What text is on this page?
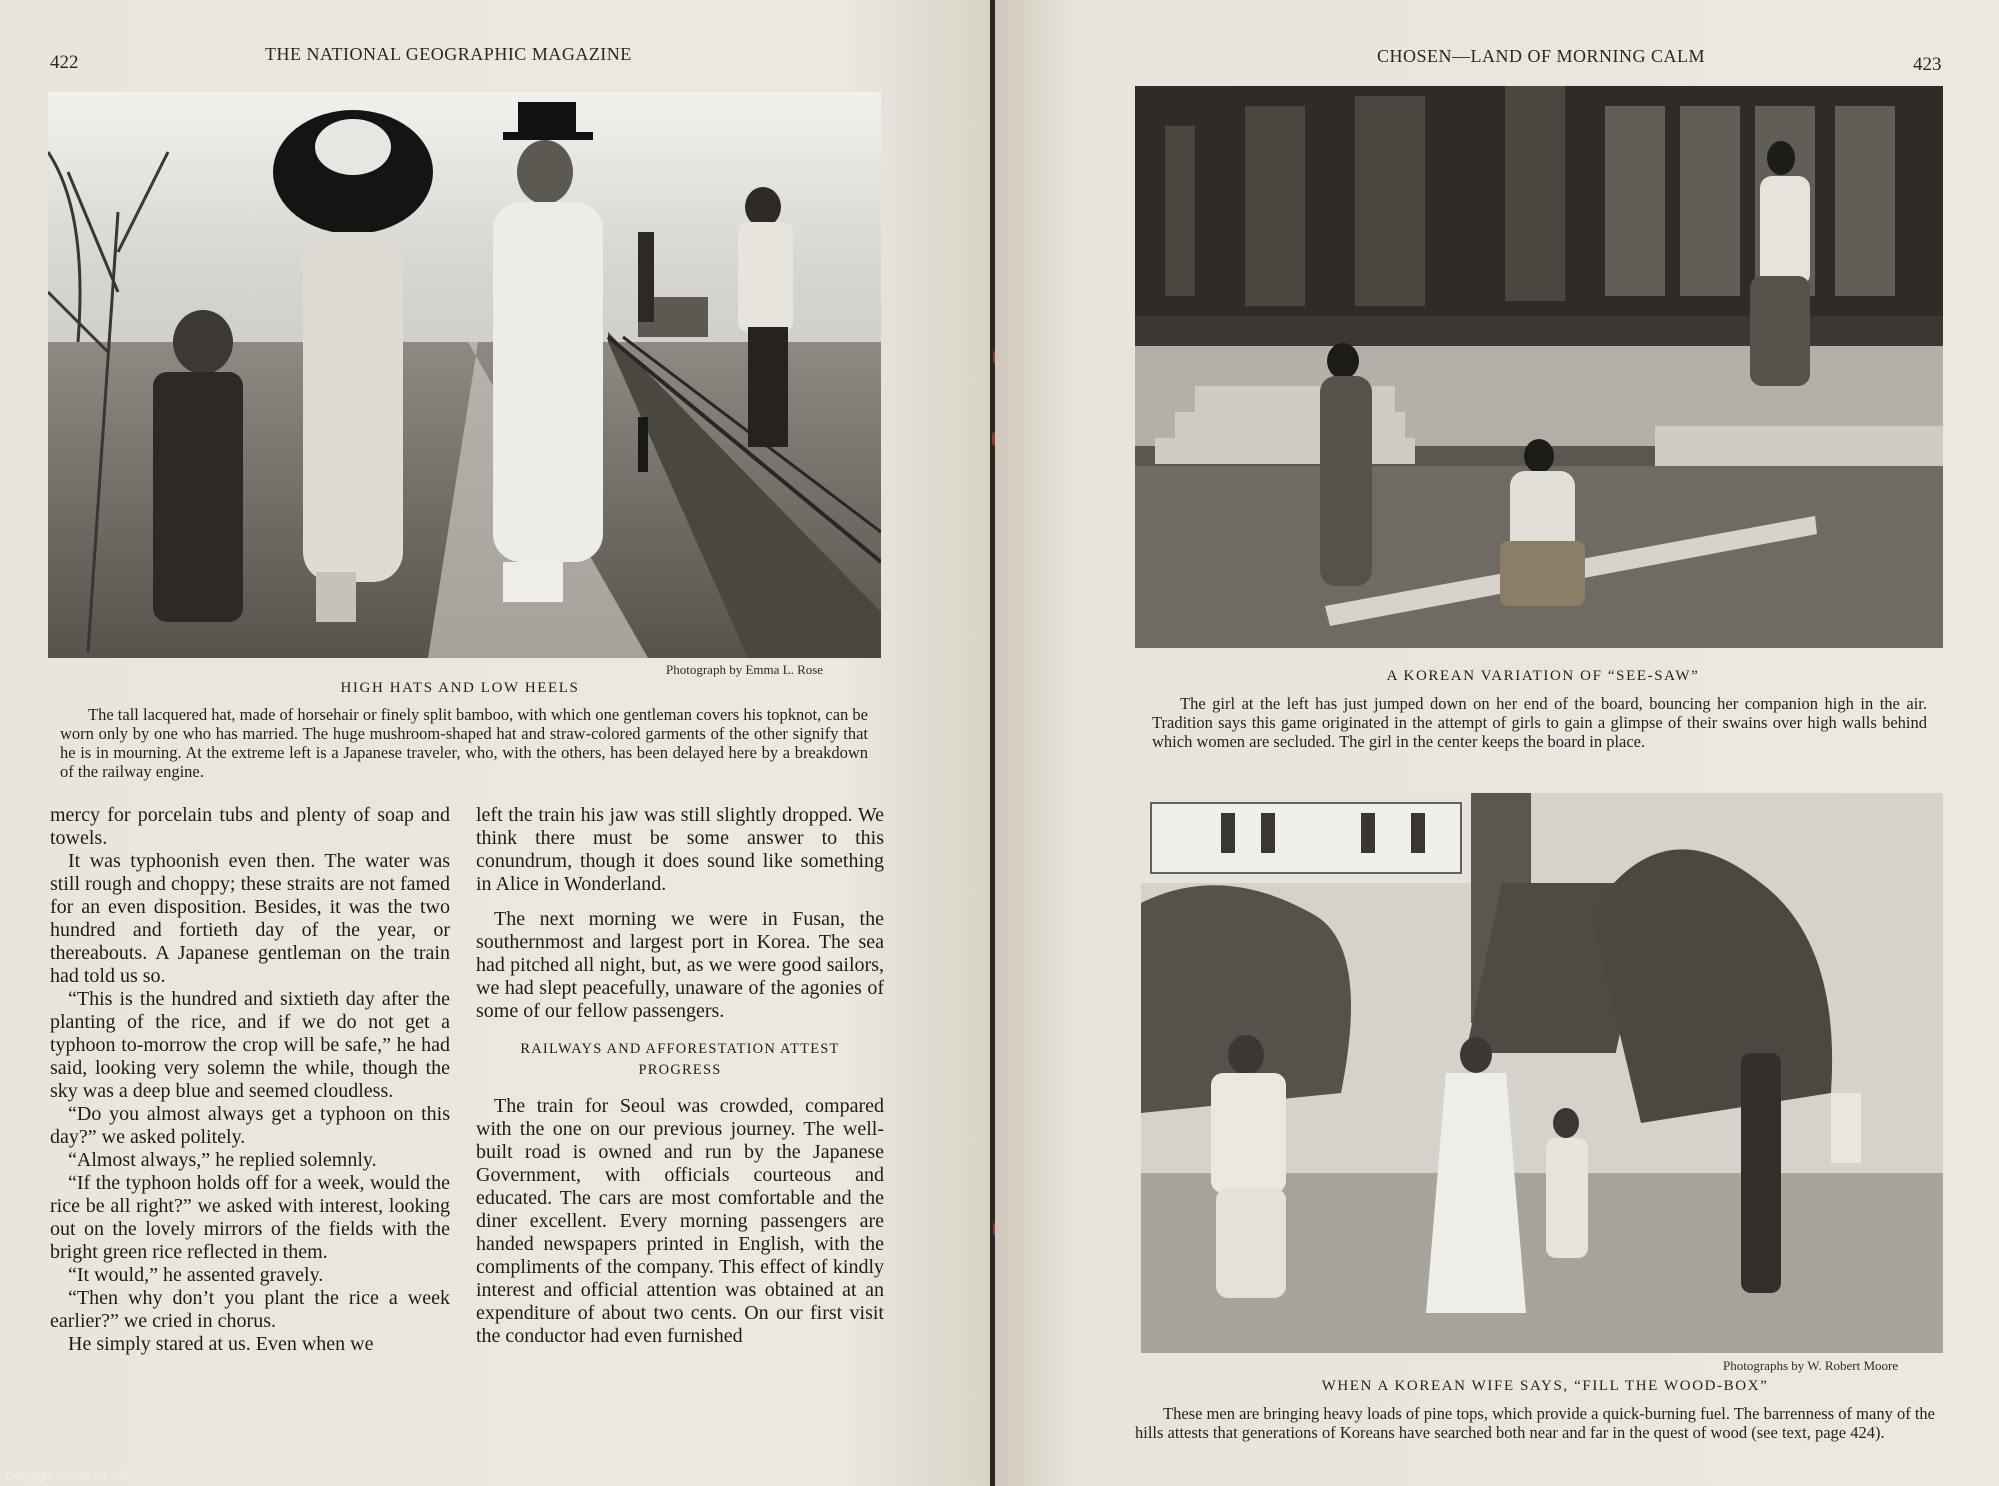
422	THE NATIONAL GEOGRAPHIC MAGAZINE
Photograph by Emma L. Rose
HIGH HATS AND LOW HEELS

The tall lacquered hat, made of horsehair or finely split bamboo, with which one gentleman covers his topknot, can be worn only by one who has married. The huge mushroom-shaped hat and straw-colored garments of the other signify that he is in mourning. At the extreme left is a Japanese traveler, who, with the others, has been delayed here by a breakdown of the railway engine.

mercy for porcelain tubs and plenty of soap and towels.

It was typhoonish even then. The water was still rough and choppy; these straits are not famed for an even disposition. Besides, it was the two hundred and fortieth day of the year, or thereabouts. A Japanese gentleman on the train had told us so.

“This is the hundred and sixtieth day after the planting of the rice, and if we do not get a typhoon to-morrow the crop will be safe,” he had said, looking very solemn the while, though the sky was a deep blue and seemed cloudless.

“Do you almost always get a typhoon on this day?” we asked politely.

“Almost always,” he replied solemnly.

“If the typhoon holds off for a week, would the rice be all right?” we asked with interest, looking out on the lovely mirrors of the fields with the bright green rice reflected in them.

“It would,” he assented gravely.

“Then why don’t you plant the rice a week earlier?” we cried in chorus.

He simply stared at us. Even when we

left the train his jaw was still slightly dropped. We think there must be some answer to this conundrum, though it does sound like something in Alice in Wonderland.

The next morning we were in Fusan, the southernmost and largest port in Korea. The sea had pitched all night, but, as we were good sailors, we had slept peacefully, unaware of the agonies of some of our fellow passengers.

RAILWAYS AND AFFORESTATION ATTEST
PROGRESS

The train for Seoul was crowded, compared with the one on our previous journey. The well-built road is owned and run by the Japanese Government, with officials courteous and educated. The cars are most comfortable and the diner excellent. Every morning passengers are handed newspapers printed in English, with the compliments of the company. This effect of kindly interest and official attention was obtained at an expenditure of about two cents. On our first visit the conductor had even furnished

Copyright Cosmo Int. Ltd
CHOSEN—LAND OF MORNING CALM	423
A KOREAN VARIATION OF “SEE-SAW”

The girl at the left has just jumped down on her end of the board, bouncing her companion high in the air. Tradition says this game originated in the attempt of girls to gain a glimpse of their swains over high walls behind which women are secluded. The girl in the center keeps the board in place.

Photographs by W. Robert Moore
WHEN A KOREAN WIFE SAYS, “FILL THE WOOD-BOX”

These men are bringing heavy loads of pine tops, which provide a quick-burning fuel. The barrenness of many of the hills attests that generations of Koreans have searched both near and far in the quest of wood (see text, page 424).
